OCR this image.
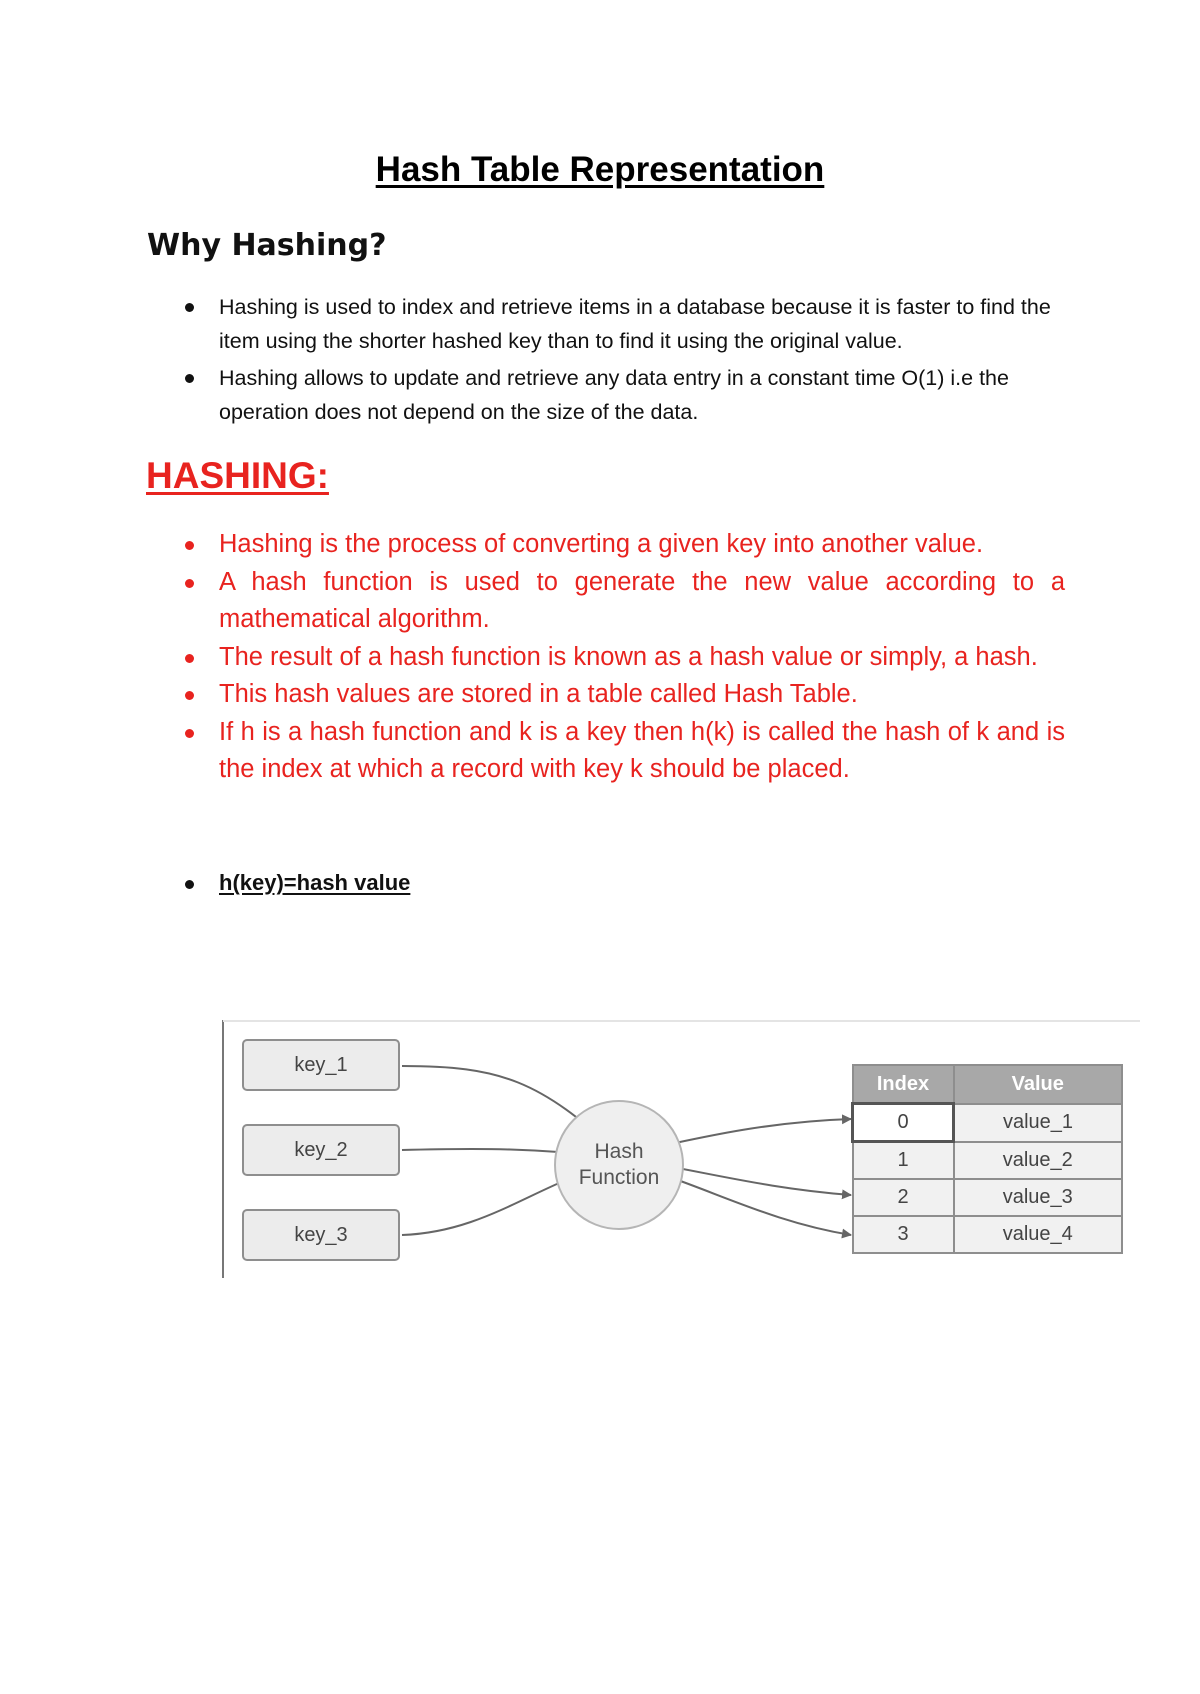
Hash Table Representation
Why Hashing?
Hashing is used to index and retrieve items in a database because it is faster to find the item using the shorter hashed key than to find it using the original value.
Hashing allows to update and retrieve any data entry in a constant time O(1) i.e the operation does not depend on the size of the data.
HASHING:
Hashing is the process of converting a given key into another value.
A hash function is used to generate the new value according to a mathematical algorithm.
The result of a hash function is known as a hash value or simply, a hash.
This hash values are stored in a table called Hash Table.
If h is a hash function and k is a key then h(k) is called the hash of k and is the index at which a record with key k should be placed.
h(key)=hash value
key_1
key_2
key_3
Hash
Function
Index	Value
0	value_1
1	value_2
2	value_3
3	value_4
